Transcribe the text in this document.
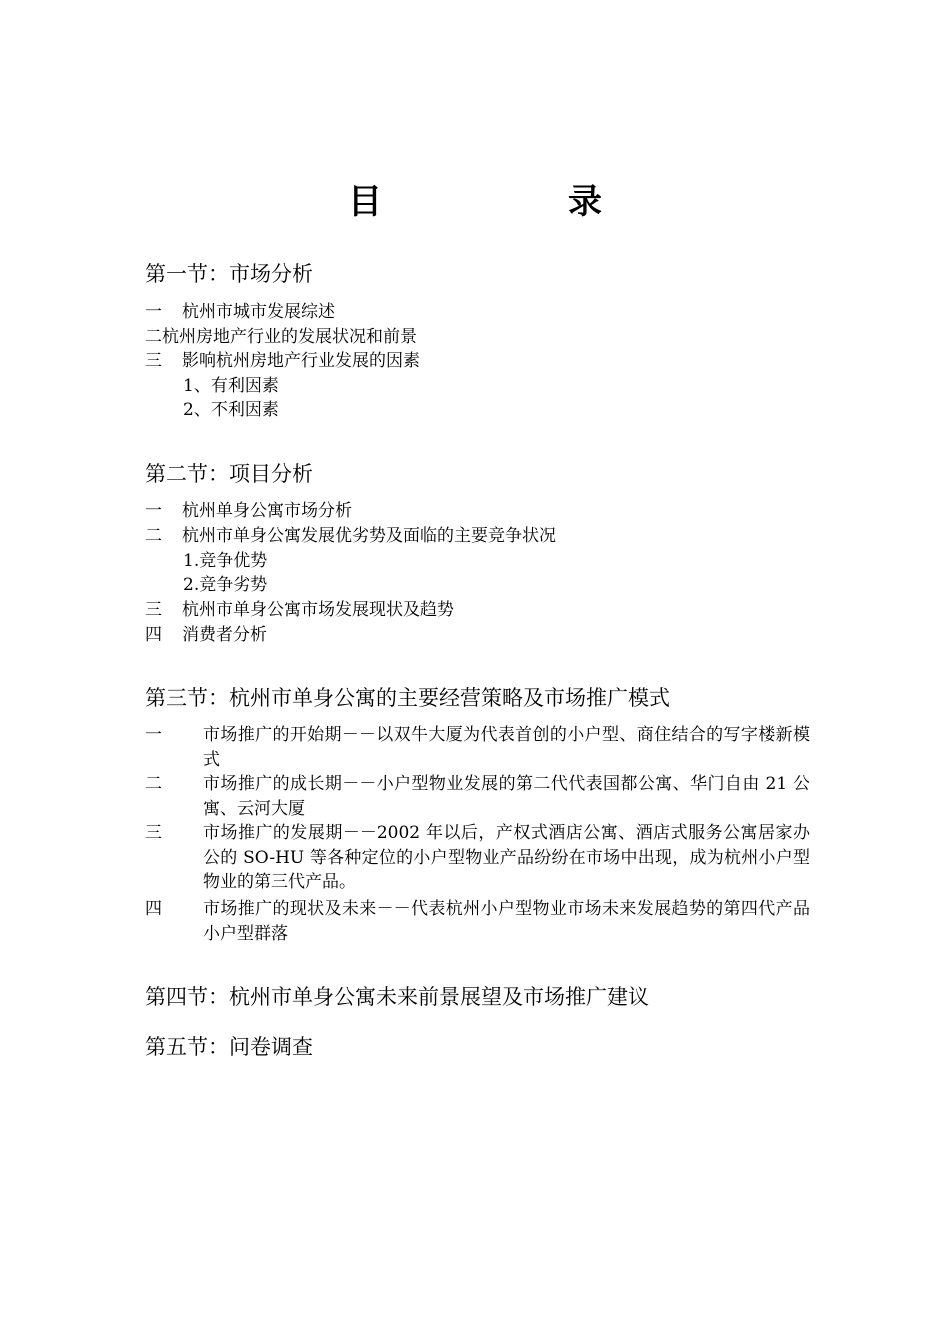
目　录
第一节：市场分析
一 杭州市城市发展综述
二杭州房地产行业的发展状况和前景
三 影响杭州房地产行业发展的因素
1、有利因素
2、不利因素
第二节：项目分析
一 杭州单身公寓市场分析
二 杭州市单身公寓发展优劣势及面临的主要竞争状况
1.竞争优势
2.竞争劣势
三 杭州市单身公寓市场发展现状及趋势
四 消费者分析
第三节：杭州市单身公寓的主要经营策略及市场推广模式
一 市场推广的开始期－－以双牛大厦为代表首创的小户型、商住结合的写字楼新模式
二 市场推广的成长期－－小户型物业发展的第二代代表国都公寓、华门自由 21 公寓、云河大厦
三 市场推广的发展期－－2002 年以后，产权式酒店公寓、酒店式服务公寓居家办公的 SO-HU 等各种定位的小户型物业产品纷纷在市场中出现，成为杭州小户型物业的第三代产品。
四 市场推广的现状及未来－－代表杭州小户型物业市场未来发展趋势的第四代产品小户型群落
第四节：杭州市单身公寓未来前景展望及市场推广建议
第五节：问卷调查
